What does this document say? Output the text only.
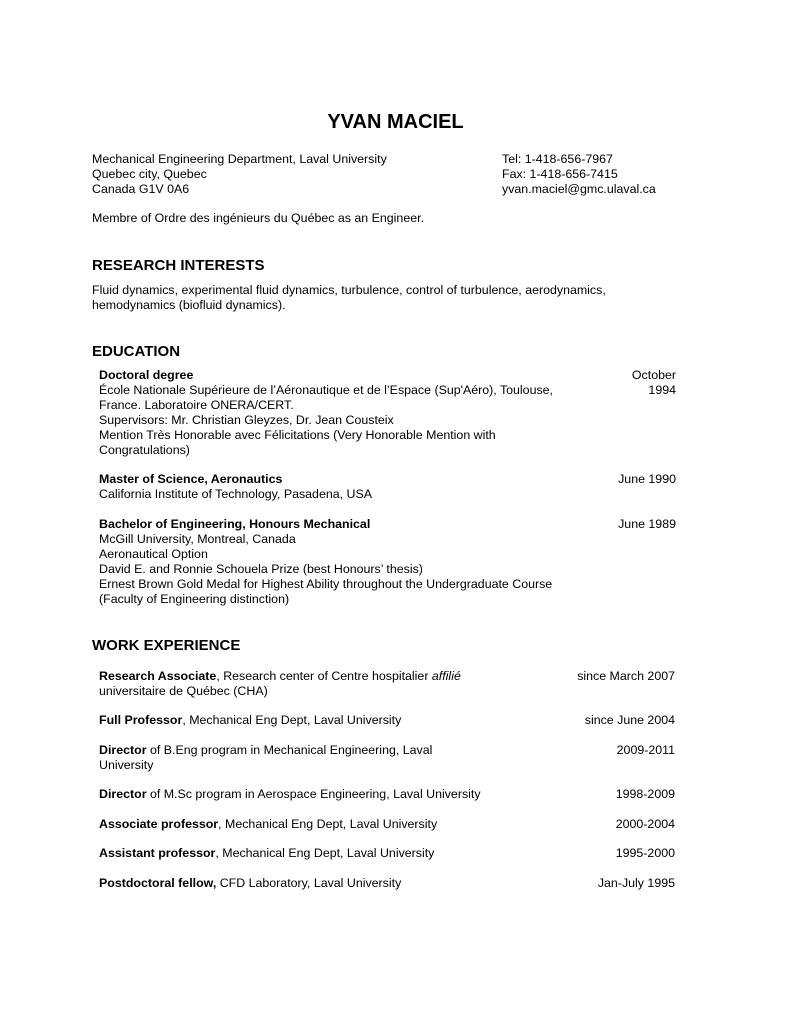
YVAN MACIEL
Mechanical Engineering Department, Laval University
Quebec city, Quebec
Canada G1V 0A6
Tel: 1-418-656-7967
Fax: 1-418-656-7415
yvan.maciel@gmc.ulaval.ca
Membre of Ordre des ingénieurs du Québec as an Engineer.
RESEARCH INTERESTS
Fluid dynamics, experimental fluid dynamics, turbulence, control of turbulence, aerodynamics,
hemodynamics (biofluid dynamics).
EDUCATION
Doctoral degree
École Nationale Supérieure de l’Aéronautique et de l’Espace (Sup'Aéro), Toulouse,
France. Laboratoire ONERA/CERT.
Supervisors: Mr. Christian Gleyzes, Dr. Jean Cousteix
Mention Très Honorable avec Félicitations (Very Honorable Mention with
Congratulations)
October
1994
Master of Science, Aeronautics
California Institute of Technology, Pasadena, USA
June 1990
Bachelor of Engineering, Honours Mechanical
McGill University, Montreal, Canada
Aeronautical Option
David E. and Ronnie Schouela Prize (best Honours’ thesis)
Ernest Brown Gold Medal for Highest Ability throughout the Undergraduate Course
(Faculty of Engineering distinction)
June 1989
WORK EXPERIENCE
Research Associate, Research center of Centre hospitalier affilié
universitaire de Québec (CHA)
since March 2007
Full Professor, Mechanical Eng Dept, Laval University	since June 2004
Director of B.Eng program in Mechanical Engineering, Laval
University
2009-2011
Director of M.Sc program in Aerospace Engineering, Laval University	1998-2009
Associate professor, Mechanical Eng Dept, Laval University	2000-2004
Assistant professor, Mechanical Eng Dept, Laval University	1995-2000
Postdoctoral fellow, CFD Laboratory, Laval University	Jan-July 1995
